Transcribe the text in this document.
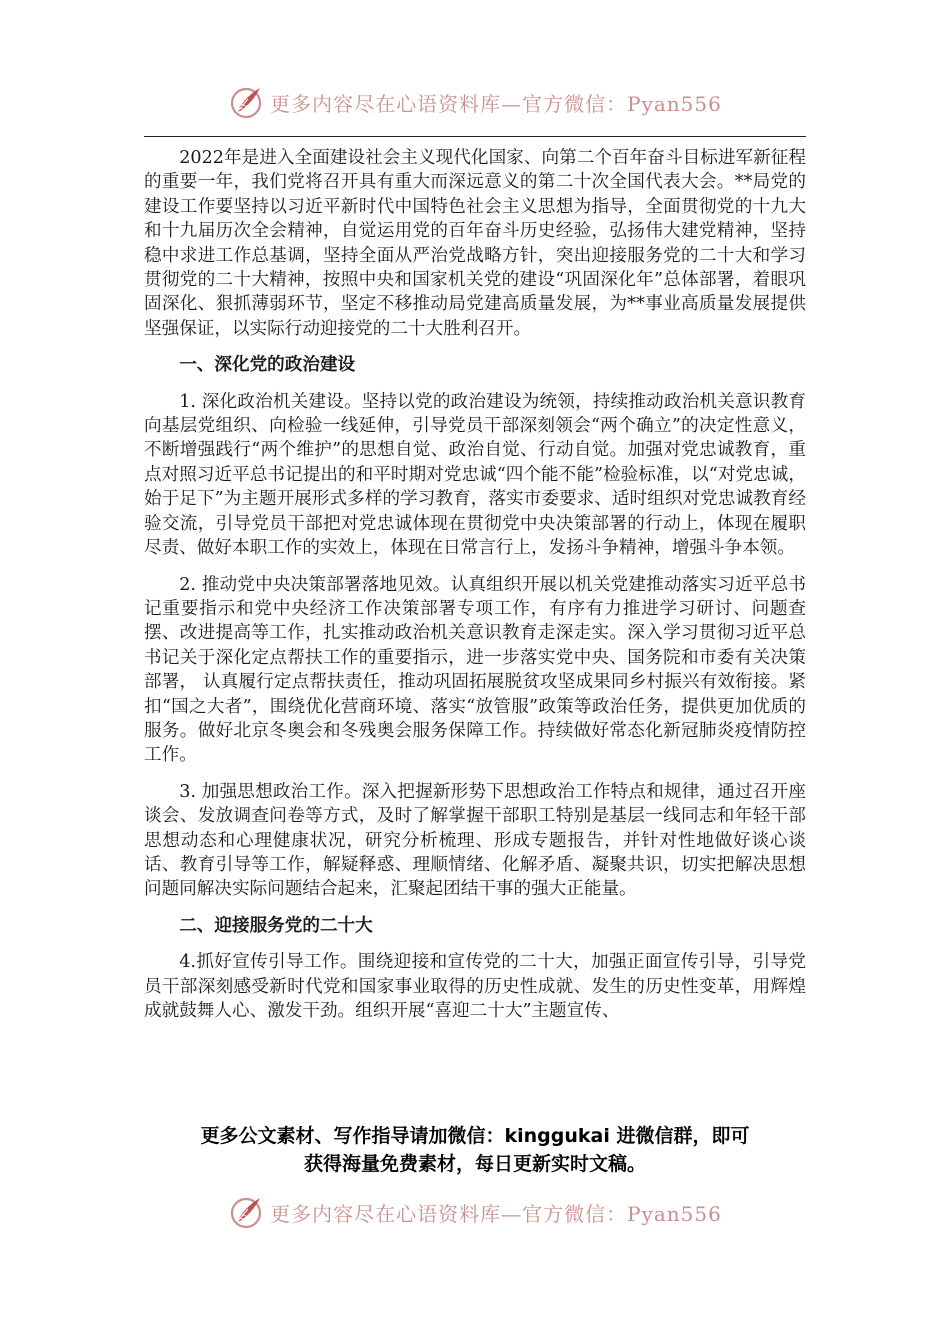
更多内容尽在心语资料库—官方微信：Pyan556

2022年是进入全面建设社会主义现代化国家、向第二个百年奋斗目标进军新征程的重要一年，我们党将召开具有重大而深远意义的第二十次全国代表大会。**局党的建设工作要坚持以习近平新时代中国特色社会主义思想为指导，全面贯彻党的十九大和十九届历次全会精神，自觉运用党的百年奋斗历史经验，弘扬伟大建党精神，坚持稳中求进工作总基调，坚持全面从严治党战略方针，突出迎接服务党的二十大和学习贯彻党的二十大精神，按照中央和国家机关党的建设“巩固深化年”总体部署，着眼巩固深化、狠抓薄弱环节，坚定不移推动局党建高质量发展，为**事业高质量发展提供坚强保证，以实际行动迎接党的二十大胜利召开。

一、深化党的政治建设

1. 深化政治机关建设。坚持以党的政治建设为统领，持续推动政治机关意识教育向基层党组织、向检验一线延伸，引导党员干部深刻领会“两个确立”的决定性意义，不断增强践行“两个维护”的思想自觉、政治自觉、行动自觉。加强对党忠诚教育，重点对照习近平总书记提出的和平时期对党忠诚“四个能不能”检验标准，以“对党忠诚，始于足下”为主题开展形式多样的学习教育，落实市委要求、适时组织对党忠诚教育经验交流，引导党员干部把对党忠诚体现在贯彻党中央决策部署的行动上，体现在履职尽责、做好本职工作的实效上，体现在日常言行上，发扬斗争精神，增强斗争本领。

2. 推动党中央决策部署落地见效。认真组织开展以机关党建推动落实习近平总书记重要指示和党中央经济工作决策部署专项工作，有序有力推进学习研讨、问题查摆、改进提高等工作，扎实推动政治机关意识教育走深走实。深入学习贯彻习近平总书记关于深化定点帮扶工作的重要指示，进一步落实党中央、国务院和市委有关决策部署， 认真履行定点帮扶责任，推动巩固拓展脱贫攻坚成果同乡村振兴有效衔接。紧扣“国之大者”，围绕优化营商环境、落实“放管服”政策等政治任务，提供更加优质的服务。做好北京冬奥会和冬残奥会服务保障工作。持续做好常态化新冠肺炎疫情防控工作。

3. 加强思想政治工作。深入把握新形势下思想政治工作特点和规律，通过召开座谈会、发放调查问卷等方式，及时了解掌握干部职工特别是基层一线同志和年轻干部思想动态和心理健康状况，研究分析梳理、形成专题报告，并针对性地做好谈心谈话、教育引导等工作，解疑释惑、理顺情绪、化解矛盾、凝聚共识，切实把解决思想问题同解决实际问题结合起来，汇聚起团结干事的强大正能量。

二、迎接服务党的二十大

4.抓好宣传引导工作。围绕迎接和宣传党的二十大，加强正面宣传引导，引导党员干部深刻感受新时代党和国家事业取得的历史性成就、发生的历史性变革，用辉煌成就鼓舞人心、激发干劲。组织开展“喜迎二十大”主题宣传、

更多公文素材、写作指导请加微信：kinggukai 进微信群，即可
获得海量免费素材，每日更新实时文稿。
更多内容尽在心语资料库—官方微信：Pyan556
